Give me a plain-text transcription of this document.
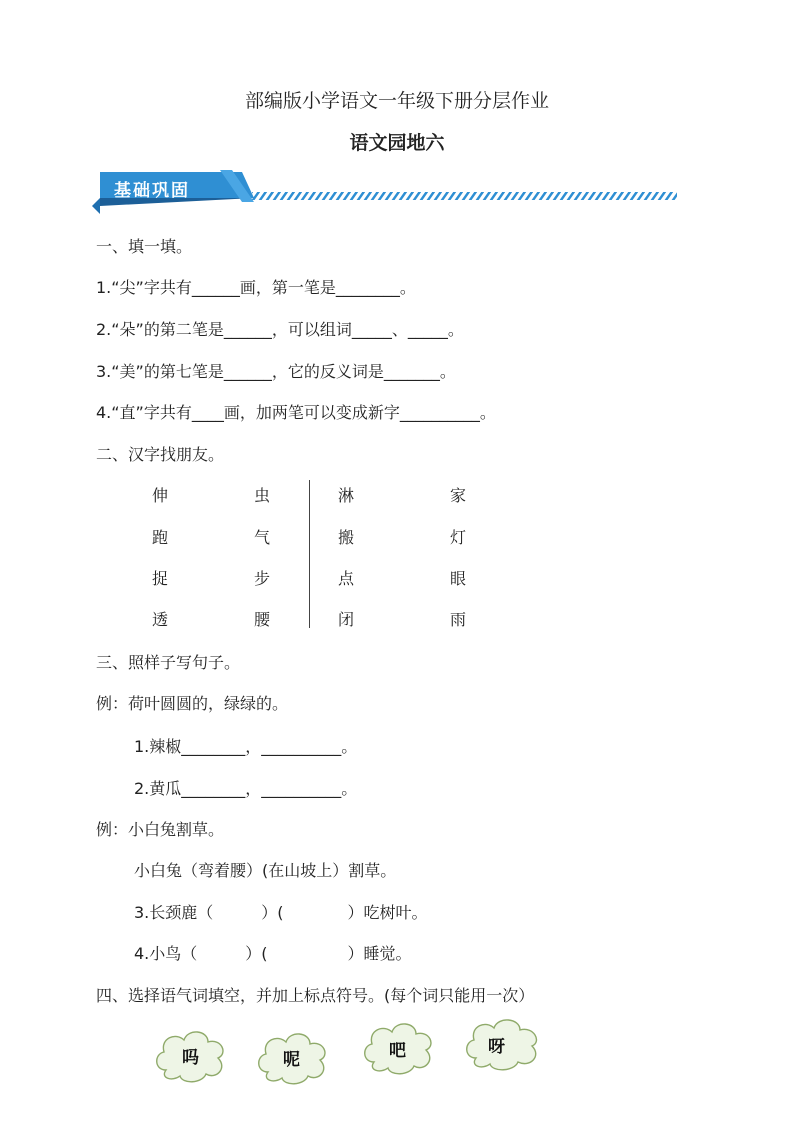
部编版小学语文一年级下册分层作业
语文园地六
基础巩固
一、填一填。
1.“尖”字共有______画，第一笔是________。
2.“朵”的第二笔是______，可以组词_____、_____。
3.“美”的第七笔是______，它的反义词是_______。
4.“直”字共有____画，加两笔可以变成新字__________。
二、汉字找朋友。
伸	虫	淋	家
跑	气	搬	灯
捉	步	点	眼
透	腰	闭	雨
三、照样子写句子。
例：荷叶圆圆的，绿绿的。
1.辣椒________，__________。
2.黄瓜________，__________。
例：小白兔割草。
小白兔（弯着腰）(在山坡上）割草。
3.长颈鹿（　　　）(　　　　）吃树叶。
4.小鸟（　　　）(　　　　　）睡觉。
四、选择语气词填空，并加上标点符号。(每个词只能用一次）
吗	呢	吧	呀
